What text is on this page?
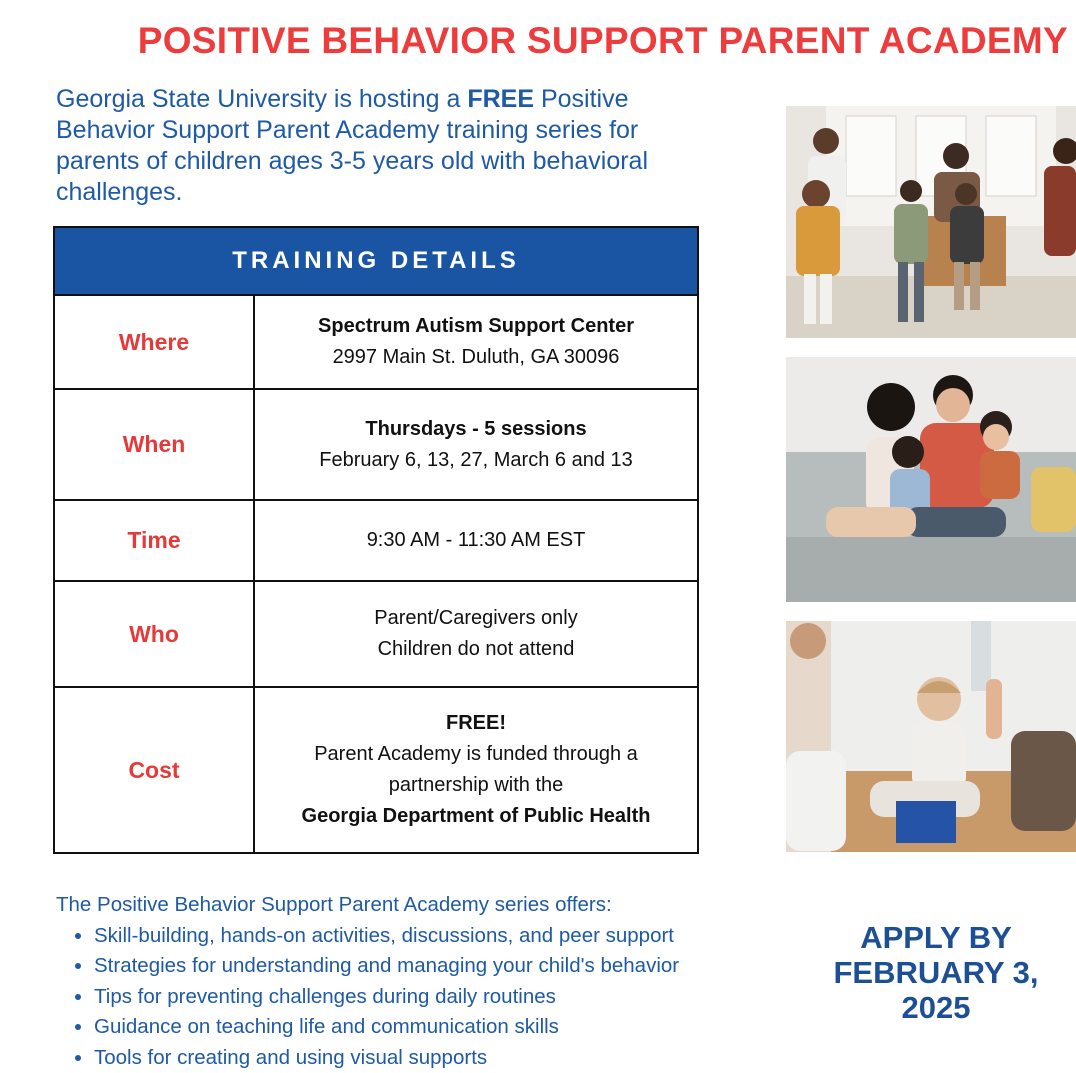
POSITIVE BEHAVIOR SUPPORT PARENT ACADEMY
Georgia State University is hosting a FREE Positive Behavior Support Parent Academy training series for parents of children ages 3-5 years old with behavioral challenges.
TRAINING DETAILS
Where
Spectrum Autism Support Center
2997 Main St. Duluth, GA 30096
When
Thursdays - 5 sessions
February 6, 13, 27, March 6 and 13
Time	9:30 AM - 11:30 AM EST
Who
Parent/Caregivers only
Children do not attend
Cost
FREE!
Parent Academy is funded through a
partnership with the
Georgia Department of Public Health
The Positive Behavior Support Parent Academy series offers:
• Skill-building, hands-on activities, discussions, and peer support
• Strategies for understanding and managing your child's behavior
• Tips for preventing challenges during daily routines
• Guidance on teaching life and communication skills
• Tools for creating and using visual supports
APPLY BY
FEBRUARY 3,
2025
